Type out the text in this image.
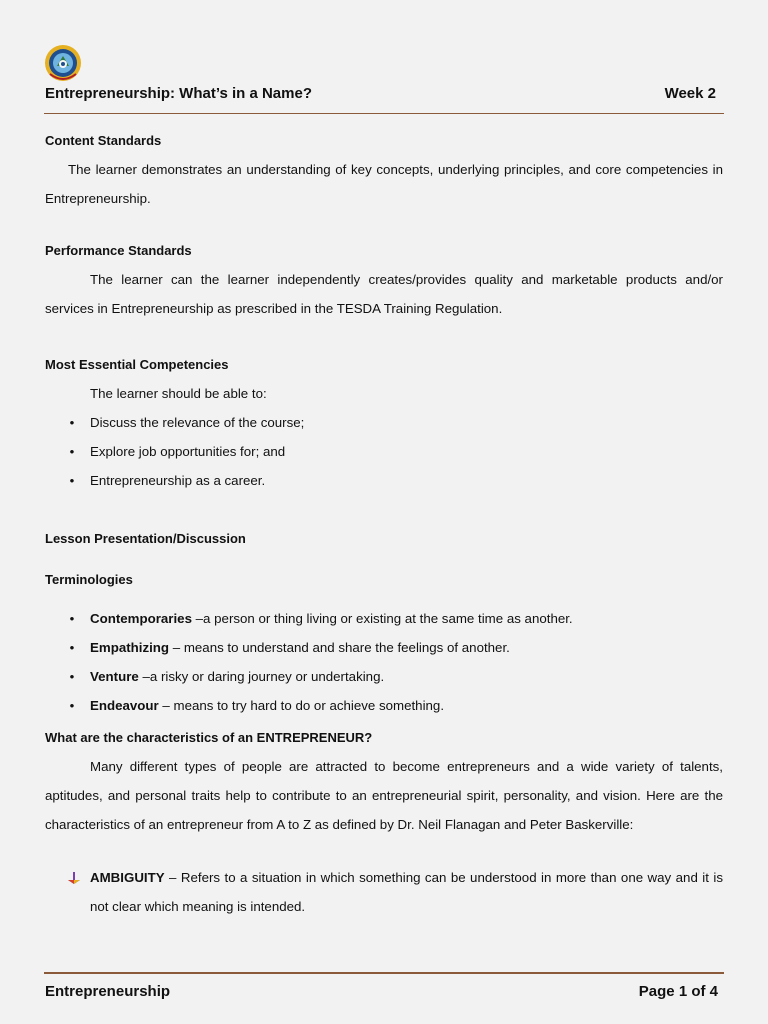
Entrepreneurship: What’s in a Name?	Week 2

Content Standards

The learner demonstrates an understanding of key concepts, underlying principles, and core competencies in Entrepreneurship.

Performance Standards

The learner can the learner independently creates/provides quality and marketable products and/or services in Entrepreneurship as prescribed in the TESDA Training Regulation.

Most Essential Competencies

The learner should be able to:

• Discuss the relevance of the course;
• Explore job opportunities for; and
• Entrepreneurship as a career.

Lesson Presentation/Discussion

Terminologies

• Contemporaries –a person or thing living or existing at the same time as another.
• Empathizing – means to understand and share the feelings of another.
• Venture –a risky or daring journey or undertaking.
• Endeavour – means to try hard to do or achieve something.

What are the characteristics of an ENTREPRENEUR?

Many different types of people are attracted to become entrepreneurs and a wide variety of talents, aptitudes, and personal traits help to contribute to an entrepreneurial spirit, personality, and vision. Here are the characteristics of an entrepreneur from A to Z as defined by Dr. Neil Flanagan and Peter Baskerville:

AMBIGUITY – Refers to a situation in which something can be understood in more than one way and it is not clear which meaning is intended.
Entrepreneurship	Page 1 of 4
